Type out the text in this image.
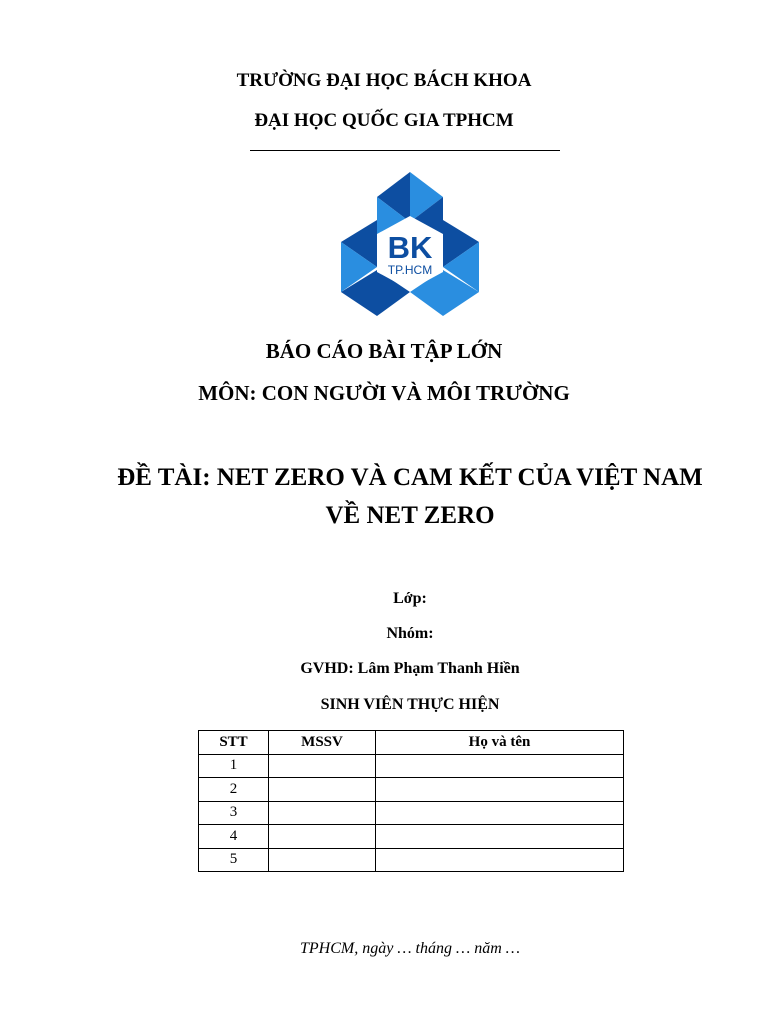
TRƯỜNG ĐẠI HỌC BÁCH KHOA
ĐẠI HỌC QUỐC GIA TPHCM
BK
TP.HCM
BÁO CÁO BÀI TẬP LỚN
MÔN: CON NGƯỜI VÀ MÔI TRƯỜNG
ĐỀ TÀI: NET ZERO VÀ CAM KẾT CỦA VIỆT NAM
VỀ NET ZERO
Lớp:
Nhóm:
GVHD: Lâm Phạm Thanh Hiền
SINH VIÊN THỰC HIỆN
STT	MSSV	Họ và tên
1		
2		
3		
4		
5		
TPHCM, ngày … tháng … năm …
